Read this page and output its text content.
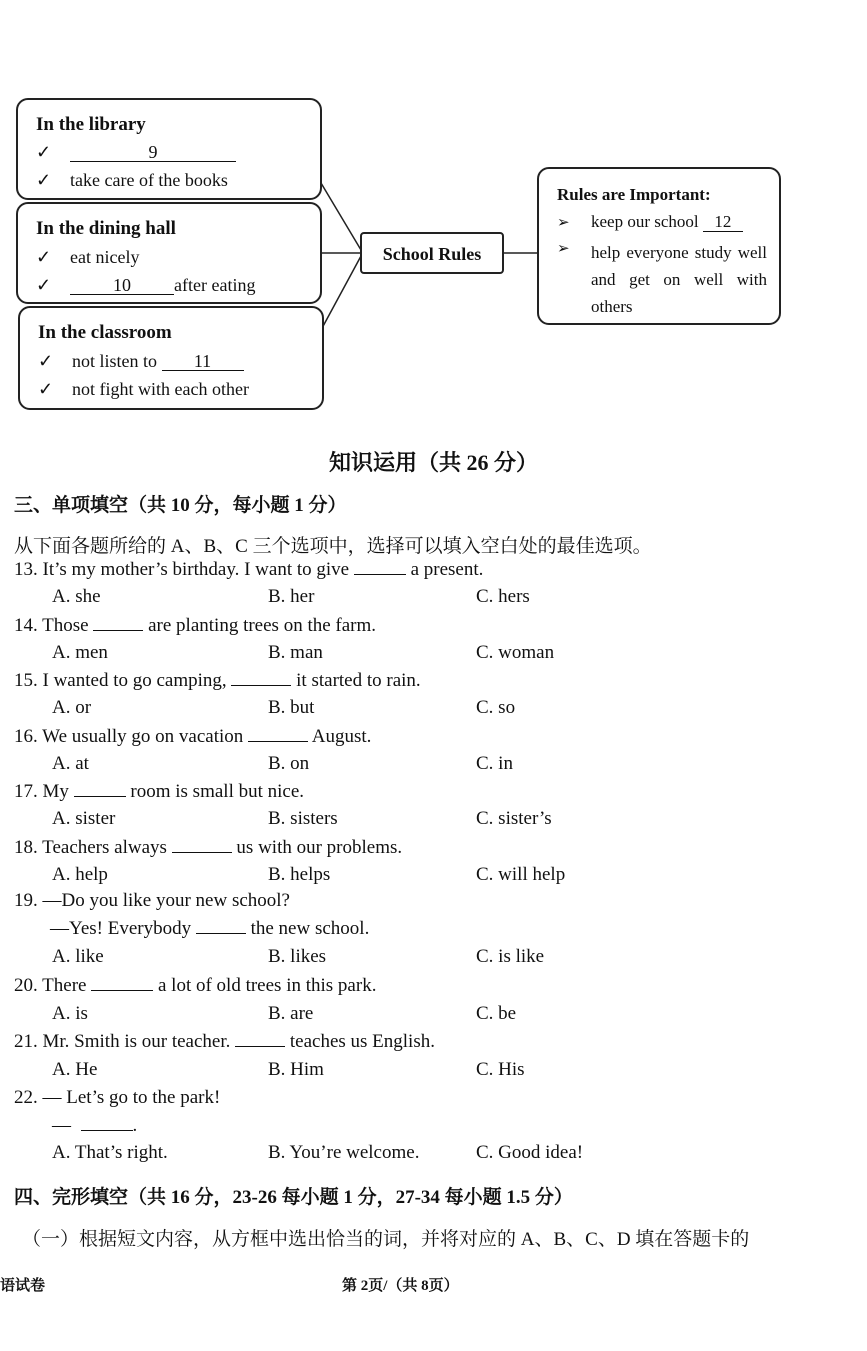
In the library
✓	9
✓ take care of the books
In the dining hall
✓ eat nicely
✓	10 after eating
In the classroom
✓ not listen to 11
✓ not fight with each other
School Rules
Rules are Important:
➢ keep our school 12
➢	help everyone study well and get on well with others
知识运用（共 26 分）
三、单项填空（共 10 分，每小题 1 分）
从下面各题所给的 A、B、C 三个选项中，选择可以填入空白处的最佳选项。
13. It’s my mother’s birthday. I want to give	a present.
A. she	B. her	C. hers
14. Those	are planting trees on the farm.
A. men	B. man	C. woman
15. I wanted to go camping,	it started to rain.
A. or	B. but	C. so
16. We usually go on vacation	August.
A. at	B. on	C. in
17. My	room is small but nice.
A. sister	B. sisters	C. sister’s
18. Teachers always	us with our problems.
A. help	B. helps	C. will help
19. —Do you like your new school?
—Yes! Everybody	the new school.
A. like	B. likes	C. is like
20. There	a lot of old trees in this park.
A. is	B. are	C. be
21. Mr. Smith is our teacher.	teaches us English.
A. He	B. Him	C. His
22. — Let’s go to the park!
—	.
A. That’s right.	B. You’re welcome.	C. Good idea!
四、完形填空（共 16 分，23-26 每小题 1 分，27-34 每小题 1.5 分）
（一）根据短文内容，从方框中选出恰当的词，并将对应的 A、B、C、D 填在答题卡的
语试卷	第 2页/（共 8页）
